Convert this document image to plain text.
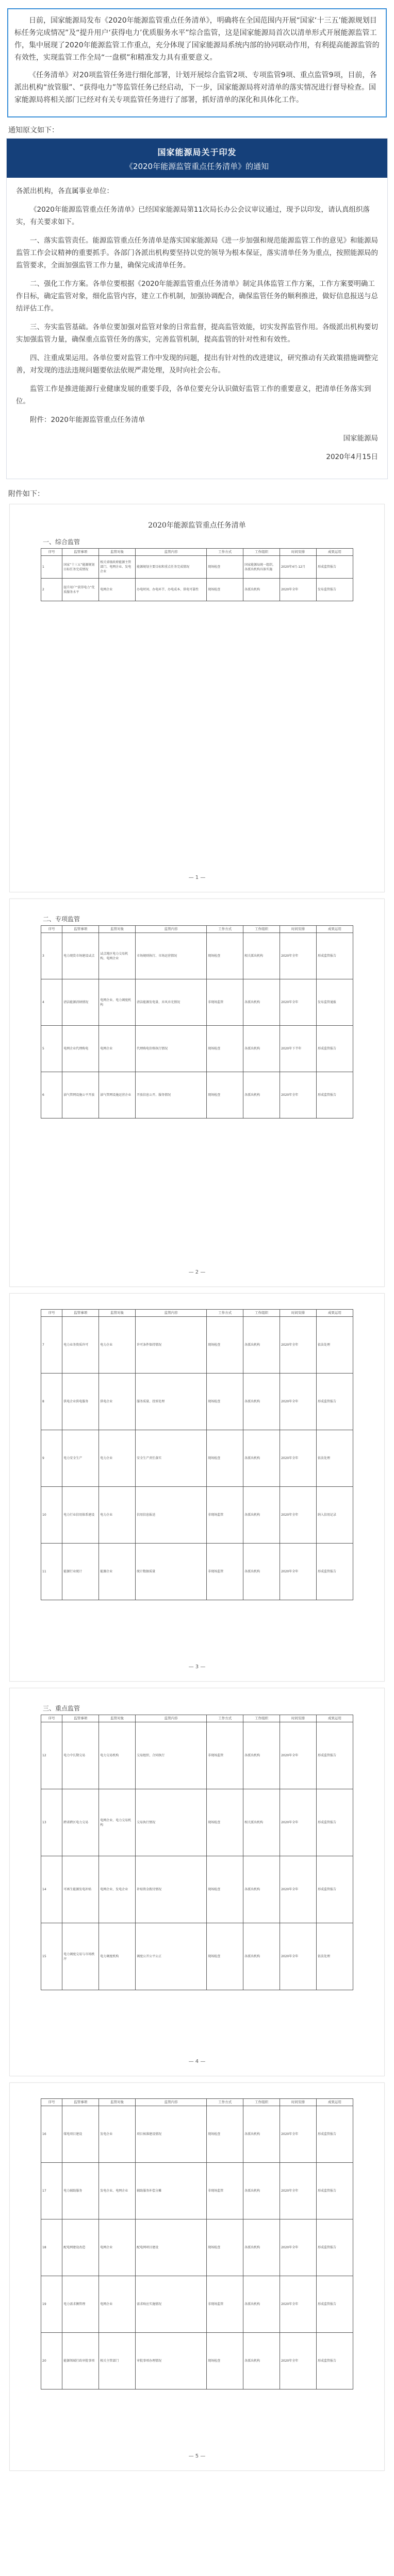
日前，国家能源局发布《2020年能源监管重点任务清单》，明确将在全国范围内开展“国家‘十三五’能源规划目标任务完成情况”及“提升用户‘获得电力’优质服务水平”综合监管，这是国家能源局首次以清单形式开展能源监管工作，集中展现了2020年能源监管工作重点，充分体现了国家能源局系统内部的协同联动作用，有利提高能源监管的有效性，实现监管工作全局“一盘棋”和精准发力具有重要意义。

《任务清单》对20项监管任务进行细化部署，计划开展综合监管2项、专项监管9项、重点监管9项，目前，各派出机构“放管服”、“获得电力”等监管任务已经启动，下一步，国家能源局将对清单的落实情况进行督导检查。国家能源局将相关部门已经对有关专项监管任务进行了部署，抓好清单的深化和具体化工作。

通知原文如下：
国家能源局关于印发
《2020年能源监管重点任务清单》的通知

各派出机构，各直属事业单位：

《2020年能源监管重点任务清单》已经国家能源局第11次局长办公会议审议通过，现予以印发，请认真组织落实，有关要求如下。

一、落实监管责任。能源监管重点任务清单是落实国家能源局《进一步加强和规范能源监管工作的意见》和能源局监管工作会议精神的重要抓手。各部门各派出机构要坚持以党的领导为根本保证，落实清单任务为重点，按照能源局的监管要求，全面加强监管工作力量，确保完成清单任务。

二、强化工作方案。各单位要根据《2020年能源监管重点任务清单》制定具体监管工作方案，工作方案要明确工作目标，确定监管对象，细化监管内容，建立工作机制，加强协调配合，确保监管任务的顺利推进，做好信息报送与总结评估工作。

三、夯实监管基础。各单位要加强对监管对象的日常监督，提高监管效能，切实发挥监管作用。各级派出机构要切实加强监管力量，确保重点监管任务的落实，完善监管机制，提高监管的针对性和有效性。

四、注重成果运用。各单位要对监管工作中发现的问题，提出有针对性的改进建议，研究推动有关政策措施调整完善，对发现的违法违规问题要依法依规严肃处理，及时向社会公布。

监管工作是推进能源行业健康发展的重要手段，各单位要充分认识做好监管工作的重要意义，把清单任务落实到位。

附件：2020年能源监管重点任务清单

国家能源局

2020年4月15日

附件如下：
2020年能源监管重点任务清单
一、综合监管
序号	监管事项	监管对象	监管内容	工作方式	工作组织	时间安排	成果运用
1	国家“十三五”能源规划目标任务完成情况	相关省级政府能源主管部门、电网企业、发电企业	能源规划主要目标和重点任务完成情况	现场检查	国家能源局统一组织，各派出机构具体实施	2020年4月-12月	形成监管报告
2	提升用户“获得电力”优质服务水平	电网企业	办电时间、办电环节、办电成本、供电可靠性	现场检查	各派出机构	2020年全年	发布监管报告
— 1 —
二、专项监管
序号	监管事项	监管对象	监管内容	工作方式	工作组织	时间安排	成果运用
3	电力现货市场建设试点	试点地区电力交易机构、电网企业	市场规则执行、市场运营情况	现场检查	相关派出机构	2020年全年	形成监管报告
4	清洁能源消纳情况	电网企业、电力调度机构	清洁能源发电量、弃风弃光情况	非现场监管	各派出机构	2020年全年	发布监管通报
5	电网企业代理购电	电网企业	代理购电价格执行情况	现场检查	各派出机构	2020年下半年	形成监管报告
6	油气管网设施公平开放	油气管网设施运营企业	开放信息公开、服务情况	现场检查	各派出机构	2020年全年	形成监管报告
— 2 —
序号	监管事项	监管对象	监管内容	工作方式	工作组织	时间安排	成果运用
7	电力业务资质许可	电力企业	许可条件保持情况	现场检查	各派出机构	2020年全年	依法处理
8	供电企业供电服务	供电企业	服务质量、投诉处理	现场检查	各派出机构	2020年全年	形成监管报告
9	电力安全生产	电力企业	安全生产责任落实	现场检查	各派出机构	2020年全年	依法处理
10	电力行业信用体系建设	电力企业	信用信息报送	非现场监管	各派出机构	2020年全年	纳入信用记录
11	能源行业统计	能源企业	统计数据质量	非现场监管	各派出机构	2020年全年	形成监管报告
— 3 —
三、重点监管
序号	监管事项	监管对象	监管内容	工作方式	工作组织	时间安排	成果运用
12	电力中长期交易	电力交易机构	交易组织、合同执行	非现场监管	各派出机构	2020年全年	形成监管报告
13	跨省跨区电力交易	电网企业、电力交易机构	交易执行情况	现场检查	相关派出机构	2020年全年	形成监管报告
14	可再生能源发电补贴	电网企业、发电企业	补贴资金拨付情况	现场检查	各派出机构	2020年全年	形成监管报告
15	电力调度交易与市场秩序	电力调度机构	调度公开公平公正	现场检查	各派出机构	2020年全年	依法处理
— 4 —
序号	监管事项	监管对象	监管内容	工作方式	工作组织	时间安排	成果运用
16	煤电项目建设	发电企业	项目核准建设情况	现场检查	各派出机构	2020年全年	形成监管报告
17	电力辅助服务	发电企业、电网企业	辅助服务补偿分摊	非现场监管	各派出机构	2020年全年	形成监管报告
18	配电网建设改造	电网企业	配电网项目建设	现场检查	各派出机构	2020年全年	形成监管报告
19	电力需求侧管理	电网企业	需求响应实施情况	非现场监管	各派出机构	2020年全年	形成监管报告
20	能源领域行政审批事项	相关主管部门	审批事项办理情况	现场检查	各派出机构	2020年全年	形成监管报告
— 5 —
